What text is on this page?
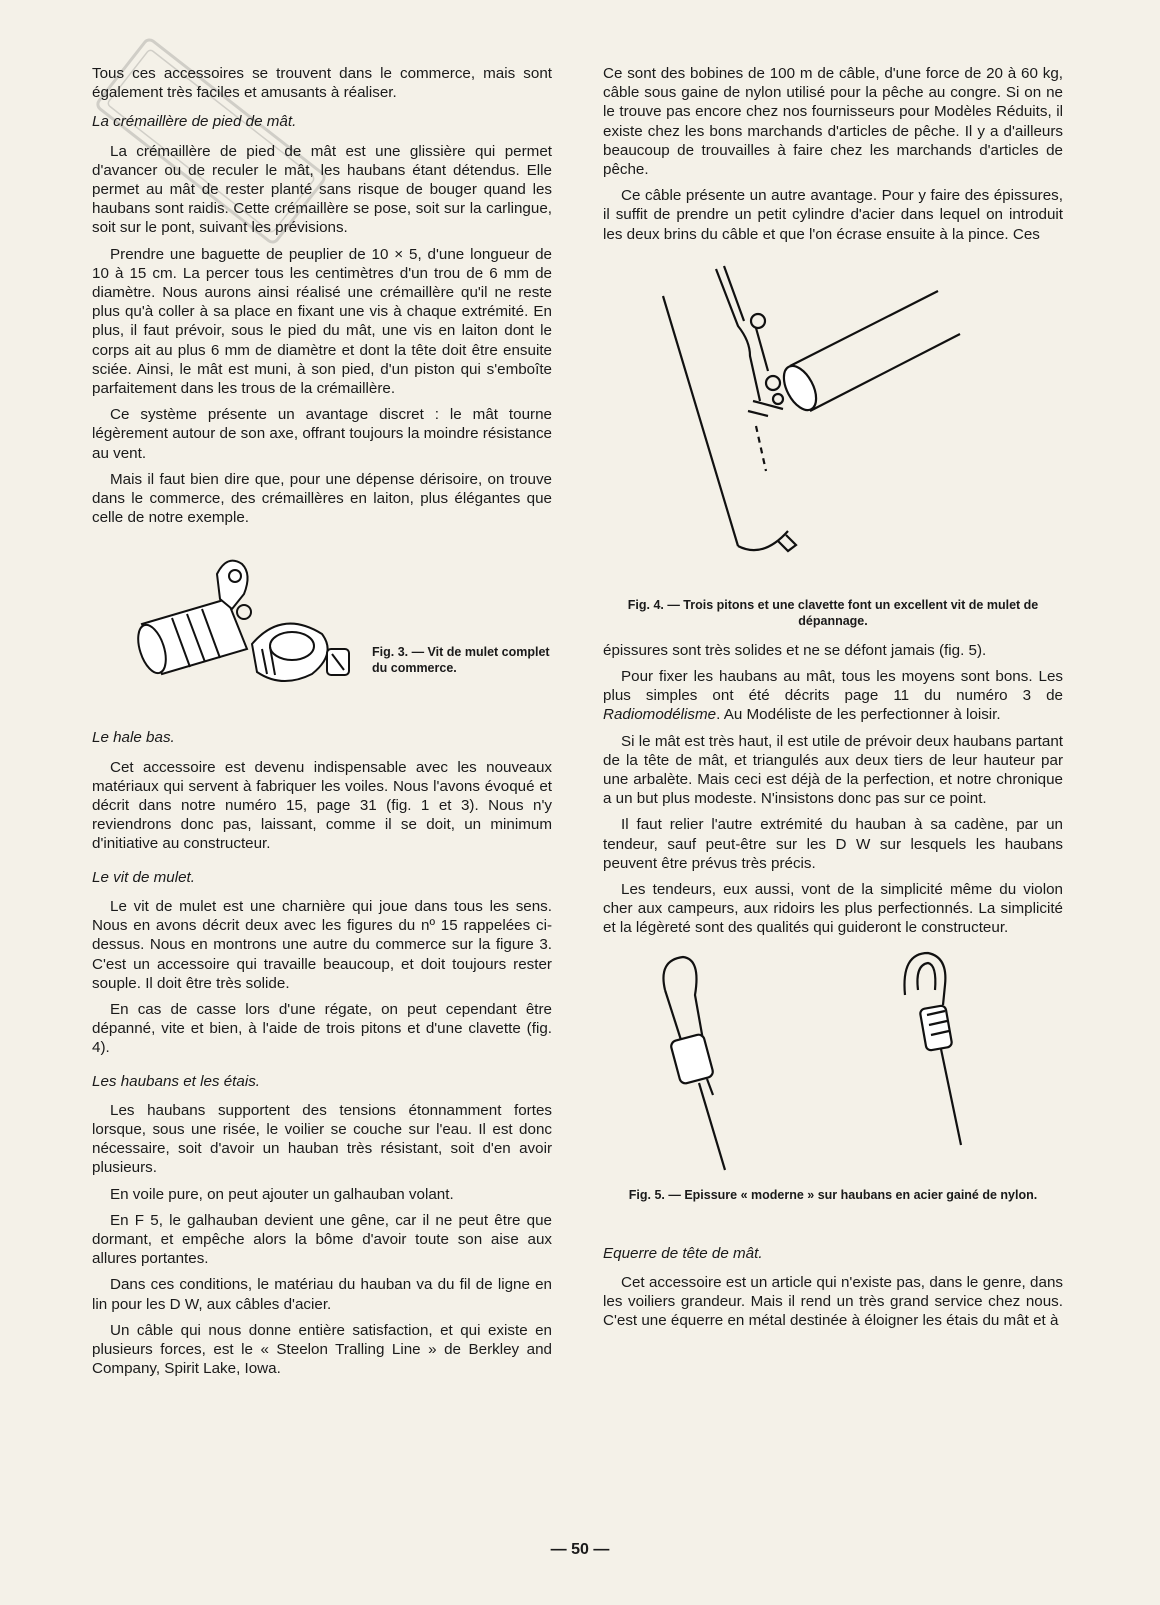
Tous ces accessoires se trouvent dans le commerce, mais sont également très faciles et amusants à réaliser.

La crémaillère de pied de mât.

La crémaillère de pied de mât est une glissière qui permet d'avancer ou de reculer le mât, les haubans étant détendus. Elle permet au mât de rester planté sans risque de bouger quand les haubans sont raidis. Cette crémaillère se pose, soit sur la carlingue, soit sur le pont, suivant les prévisions.

Prendre une baguette de peuplier de 10 × 5, d'une longueur de 10 à 15 cm. La percer tous les centimètres d'un trou de 6 mm de diamètre. Nous aurons ainsi réalisé une crémaillère qu'il ne reste plus qu'à coller à sa place en fixant une vis à chaque extrémité. En plus, il faut prévoir, sous le pied du mât, une vis en laiton dont le corps ait au plus 6 mm de diamètre et dont la tête doit être ensuite sciée. Ainsi, le mât est muni, à son pied, d'un piston qui s'emboîte parfaitement dans les trous de la crémaillère.

Ce système présente un avantage discret : le mât tourne légèrement autour de son axe, offrant toujours la moindre résistance au vent.

Mais il faut bien dire que, pour une dépense dérisoire, on trouve dans le commerce, des crémaillères en laiton, plus élégantes que celle de notre exemple.

Fig. 3. — Vit de mulet complet du commerce.

Le hale bas.

Cet accessoire est devenu indispensable avec les nouveaux matériaux qui servent à fabriquer les voiles. Nous l'avons évoqué et décrit dans notre numéro 15, page 31 (fig. 1 et 3). Nous n'y reviendrons donc pas, laissant, comme il se doit, un minimum d'initiative au constructeur.

Le vit de mulet.

Le vit de mulet est une charnière qui joue dans tous les sens. Nous en avons décrit deux avec les figures du nº 15 rappelées ci-dessus. Nous en montrons une autre du commerce sur la figure 3. C'est un accessoire qui travaille beaucoup, et doit toujours rester souple. Il doit être très solide.

En cas de casse lors d'une régate, on peut cependant être dépanné, vite et bien, à l'aide de trois pitons et d'une clavette (fig. 4).

Les haubans et les étais.

Les haubans supportent des tensions étonnamment fortes lorsque, sous une risée, le voilier se couche sur l'eau. Il est donc nécessaire, soit d'avoir un hauban très résistant, soit d'en avoir plusieurs.

En voile pure, on peut ajouter un galhauban volant.

En F 5, le galhauban devient une gêne, car il ne peut être que dormant, et empêche alors la bôme d'avoir toute son aise aux allures portantes.

Dans ces conditions, le matériau du hauban va du fil de ligne en lin pour les D W, aux câbles d'acier.

Un câble qui nous donne entière satisfaction, et qui existe en plusieurs forces, est le « Steelon Tralling Line » de Berkley and Company, Spirit Lake, Iowa.

Ce sont des bobines de 100 m de câble, d'une force de 20 à 60 kg, câble sous gaine de nylon utilisé pour la pêche au congre. Si on ne le trouve pas encore chez nos fournisseurs pour Modèles Réduits, il existe chez les bons marchands d'articles de pêche. Il y a d'ailleurs beaucoup de trouvailles à faire chez les marchands d'articles de pêche.

Ce câble présente un autre avantage. Pour y faire des épissures, il suffit de prendre un petit cylindre d'acier dans lequel on introduit les deux brins du câble et que l'on écrase ensuite à la pince. Ces

Fig. 4. — Trois pitons et une clavette font un excellent vit de mulet de dépannage.

épissures sont très solides et ne se défont jamais (fig. 5).

Pour fixer les haubans au mât, tous les moyens sont bons. Les plus simples ont été décrits page 11 du numéro 3 de Radiomodélisme. Au Modéliste de les perfectionner à loisir.

Si le mât est très haut, il est utile de prévoir deux haubans partant de la tête de mât, et triangulés aux deux tiers de leur hauteur par une arbalète. Mais ceci est déjà de la perfection, et notre chronique a un but plus modeste. N'insistons donc pas sur ce point.

Il faut relier l'autre extrémité du hauban à sa cadène, par un tendeur, sauf peut-être sur les D W sur lesquels les haubans peuvent être prévus très précis.

Les tendeurs, eux aussi, vont de la simplicité même du violon cher aux campeurs, aux ridoirs les plus perfectionnés. La simplicité et la légèreté sont des qualités qui guideront le constructeur.

Fig. 5. — Epissure « moderne » sur haubans en acier gainé de nylon.

Equerre de tête de mât.

Cet accessoire est un article qui n'existe pas, dans le genre, dans les voiliers grandeur. Mais il rend un très grand service chez nous. C'est une équerre en métal destinée à éloigner les étais du mât et à

— 50 —
